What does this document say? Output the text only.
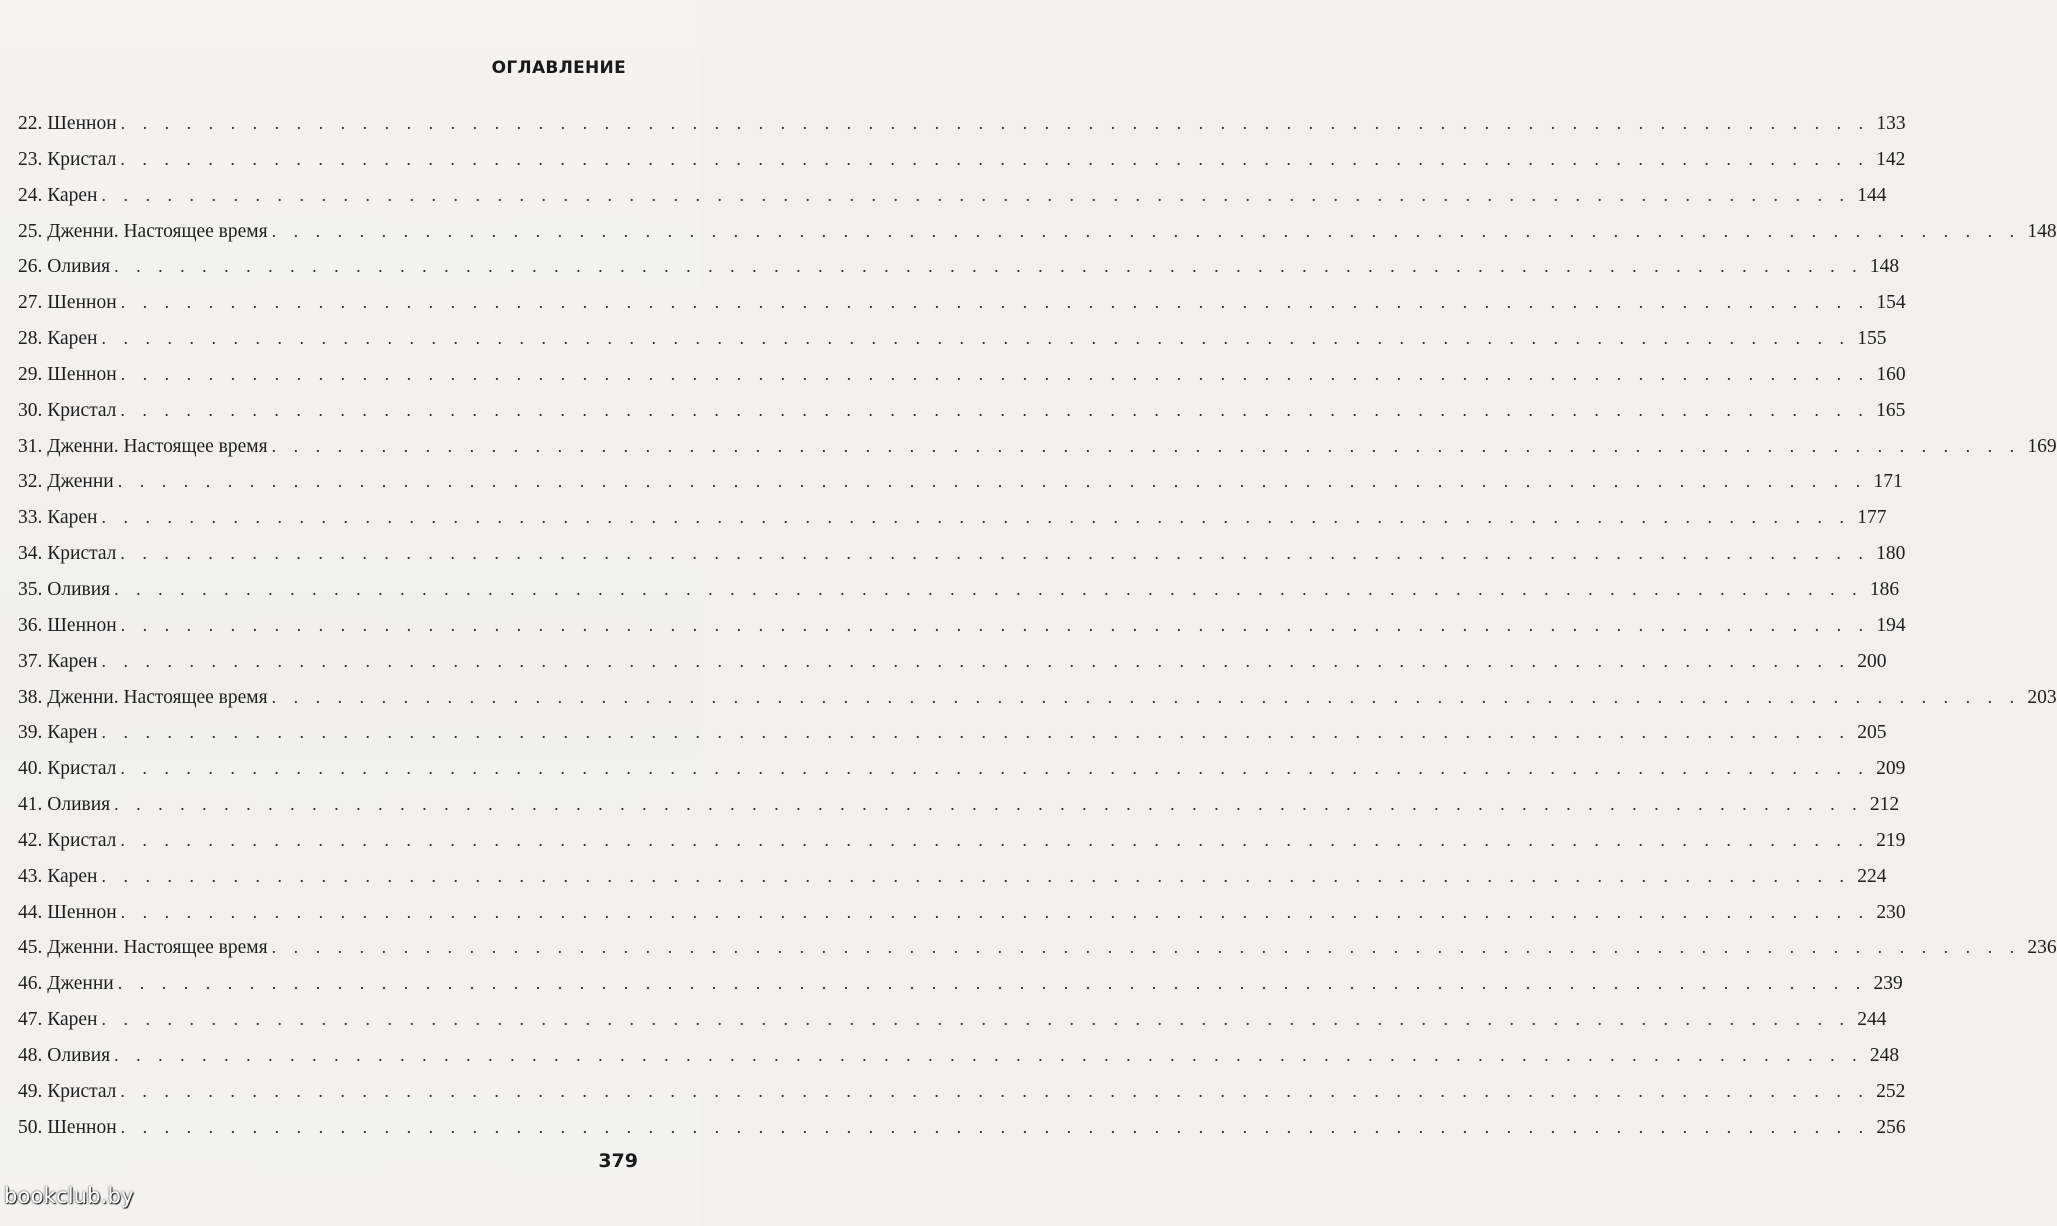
ОГЛАВЛЕНИЕ
22. Шеннон . . . . . . . . . . . . . . . . . . . . . . . . . . . . . . . . . . . . . . . . . . . . . . . . . . . . . . . . . . . . . . . . . . . . . . . . . . . . . . . . 133
23. Кристал . . . . . . . . . . . . . . . . . . . . . . . . . . . . . . . . . . . . . . . . . . . . . . . . . . . . . . . . . . . . . . . . . . . . . . . . . . . . . . . . 142
24. Карен . . . . . . . . . . . . . . . . . . . . . . . . . . . . . . . . . . . . . . . . . . . . . . . . . . . . . . . . . . . . . . . . . . . . . . . . . . . . . . . . 144
25. Дженни. Настоящее время . . . . . . . . . . . . . . . . . . . . . . . . . . . . . . . . . . . . . . . . . . . . . . . . . . . . . . . . . . . . . . . . . . . . . . . . . . . . . . . . 148
26. Оливия . . . . . . . . . . . . . . . . . . . . . . . . . . . . . . . . . . . . . . . . . . . . . . . . . . . . . . . . . . . . . . . . . . . . . . . . . . . . . . . . 148
27. Шеннон . . . . . . . . . . . . . . . . . . . . . . . . . . . . . . . . . . . . . . . . . . . . . . . . . . . . . . . . . . . . . . . . . . . . . . . . . . . . . . . . 154
28. Карен . . . . . . . . . . . . . . . . . . . . . . . . . . . . . . . . . . . . . . . . . . . . . . . . . . . . . . . . . . . . . . . . . . . . . . . . . . . . . . . . 155
29. Шеннон . . . . . . . . . . . . . . . . . . . . . . . . . . . . . . . . . . . . . . . . . . . . . . . . . . . . . . . . . . . . . . . . . . . . . . . . . . . . . . . . 160
30. Кристал . . . . . . . . . . . . . . . . . . . . . . . . . . . . . . . . . . . . . . . . . . . . . . . . . . . . . . . . . . . . . . . . . . . . . . . . . . . . . . . . 165
31. Дженни. Настоящее время . . . . . . . . . . . . . . . . . . . . . . . . . . . . . . . . . . . . . . . . . . . . . . . . . . . . . . . . . . . . . . . . . . . . . . . . . . . . . . . . 169
32. Дженни . . . . . . . . . . . . . . . . . . . . . . . . . . . . . . . . . . . . . . . . . . . . . . . . . . . . . . . . . . . . . . . . . . . . . . . . . . . . . . . . 171
33. Карен . . . . . . . . . . . . . . . . . . . . . . . . . . . . . . . . . . . . . . . . . . . . . . . . . . . . . . . . . . . . . . . . . . . . . . . . . . . . . . . . 177
34. Кристал . . . . . . . . . . . . . . . . . . . . . . . . . . . . . . . . . . . . . . . . . . . . . . . . . . . . . . . . . . . . . . . . . . . . . . . . . . . . . . . . 180
35. Оливия . . . . . . . . . . . . . . . . . . . . . . . . . . . . . . . . . . . . . . . . . . . . . . . . . . . . . . . . . . . . . . . . . . . . . . . . . . . . . . . . 186
36. Шеннон . . . . . . . . . . . . . . . . . . . . . . . . . . . . . . . . . . . . . . . . . . . . . . . . . . . . . . . . . . . . . . . . . . . . . . . . . . . . . . . . 194
37. Карен . . . . . . . . . . . . . . . . . . . . . . . . . . . . . . . . . . . . . . . . . . . . . . . . . . . . . . . . . . . . . . . . . . . . . . . . . . . . . . . . 200
38. Дженни. Настоящее время . . . . . . . . . . . . . . . . . . . . . . . . . . . . . . . . . . . . . . . . . . . . . . . . . . . . . . . . . . . . . . . . . . . . . . . . . . . . . . . . 203
39. Карен . . . . . . . . . . . . . . . . . . . . . . . . . . . . . . . . . . . . . . . . . . . . . . . . . . . . . . . . . . . . . . . . . . . . . . . . . . . . . . . . 205
40. Кристал . . . . . . . . . . . . . . . . . . . . . . . . . . . . . . . . . . . . . . . . . . . . . . . . . . . . . . . . . . . . . . . . . . . . . . . . . . . . . . . . 209
41. Оливия . . . . . . . . . . . . . . . . . . . . . . . . . . . . . . . . . . . . . . . . . . . . . . . . . . . . . . . . . . . . . . . . . . . . . . . . . . . . . . . . 212
42. Кристал . . . . . . . . . . . . . . . . . . . . . . . . . . . . . . . . . . . . . . . . . . . . . . . . . . . . . . . . . . . . . . . . . . . . . . . . . . . . . . . . 219
43. Карен . . . . . . . . . . . . . . . . . . . . . . . . . . . . . . . . . . . . . . . . . . . . . . . . . . . . . . . . . . . . . . . . . . . . . . . . . . . . . . . . 224
44. Шеннон . . . . . . . . . . . . . . . . . . . . . . . . . . . . . . . . . . . . . . . . . . . . . . . . . . . . . . . . . . . . . . . . . . . . . . . . . . . . . . . . 230
45. Дженни. Настоящее время . . . . . . . . . . . . . . . . . . . . . . . . . . . . . . . . . . . . . . . . . . . . . . . . . . . . . . . . . . . . . . . . . . . . . . . . . . . . . . . . 236
46. Дженни . . . . . . . . . . . . . . . . . . . . . . . . . . . . . . . . . . . . . . . . . . . . . . . . . . . . . . . . . . . . . . . . . . . . . . . . . . . . . . . . 239
47. Карен . . . . . . . . . . . . . . . . . . . . . . . . . . . . . . . . . . . . . . . . . . . . . . . . . . . . . . . . . . . . . . . . . . . . . . . . . . . . . . . . 244
48. Оливия . . . . . . . . . . . . . . . . . . . . . . . . . . . . . . . . . . . . . . . . . . . . . . . . . . . . . . . . . . . . . . . . . . . . . . . . . . . . . . . . 248
49. Кристал . . . . . . . . . . . . . . . . . . . . . . . . . . . . . . . . . . . . . . . . . . . . . . . . . . . . . . . . . . . . . . . . . . . . . . . . . . . . . . . . 252
50. Шеннон . . . . . . . . . . . . . . . . . . . . . . . . . . . . . . . . . . . . . . . . . . . . . . . . . . . . . . . . . . . . . . . . . . . . . . . . . . . . . . . . 256
379
bookclub.by
